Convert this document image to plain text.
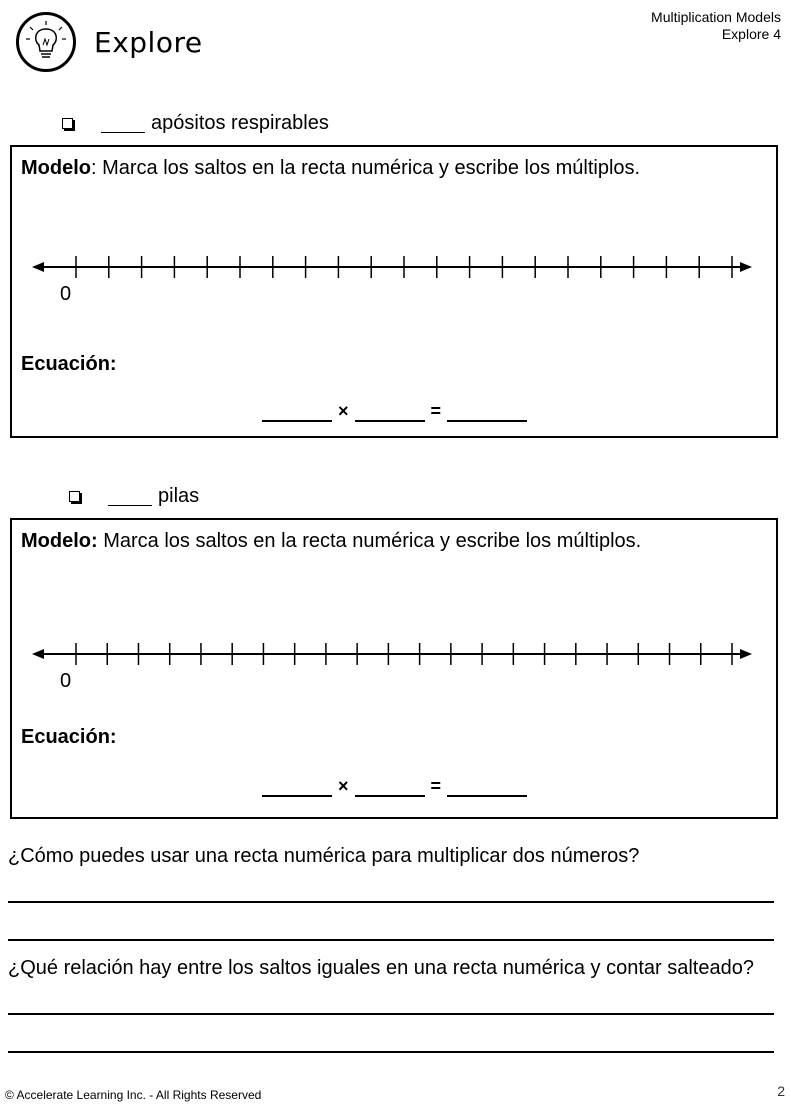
Explore
Multiplication Models
Explore 4
apósitos respirables
Modelo: Marca los saltos en la recta numérica y escribe los múltiplos.
0
Ecuación:
×	=
pilas
Modelo: Marca los saltos en la recta numérica y escribe los múltiplos.
0
Ecuación:
×	=
¿Cómo puedes usar una recta numérica para multiplicar dos números?
¿Qué relación hay entre los saltos iguales en una recta numérica y contar salteado?
© Accelerate Learning Inc. - All Rights Reserved	2
